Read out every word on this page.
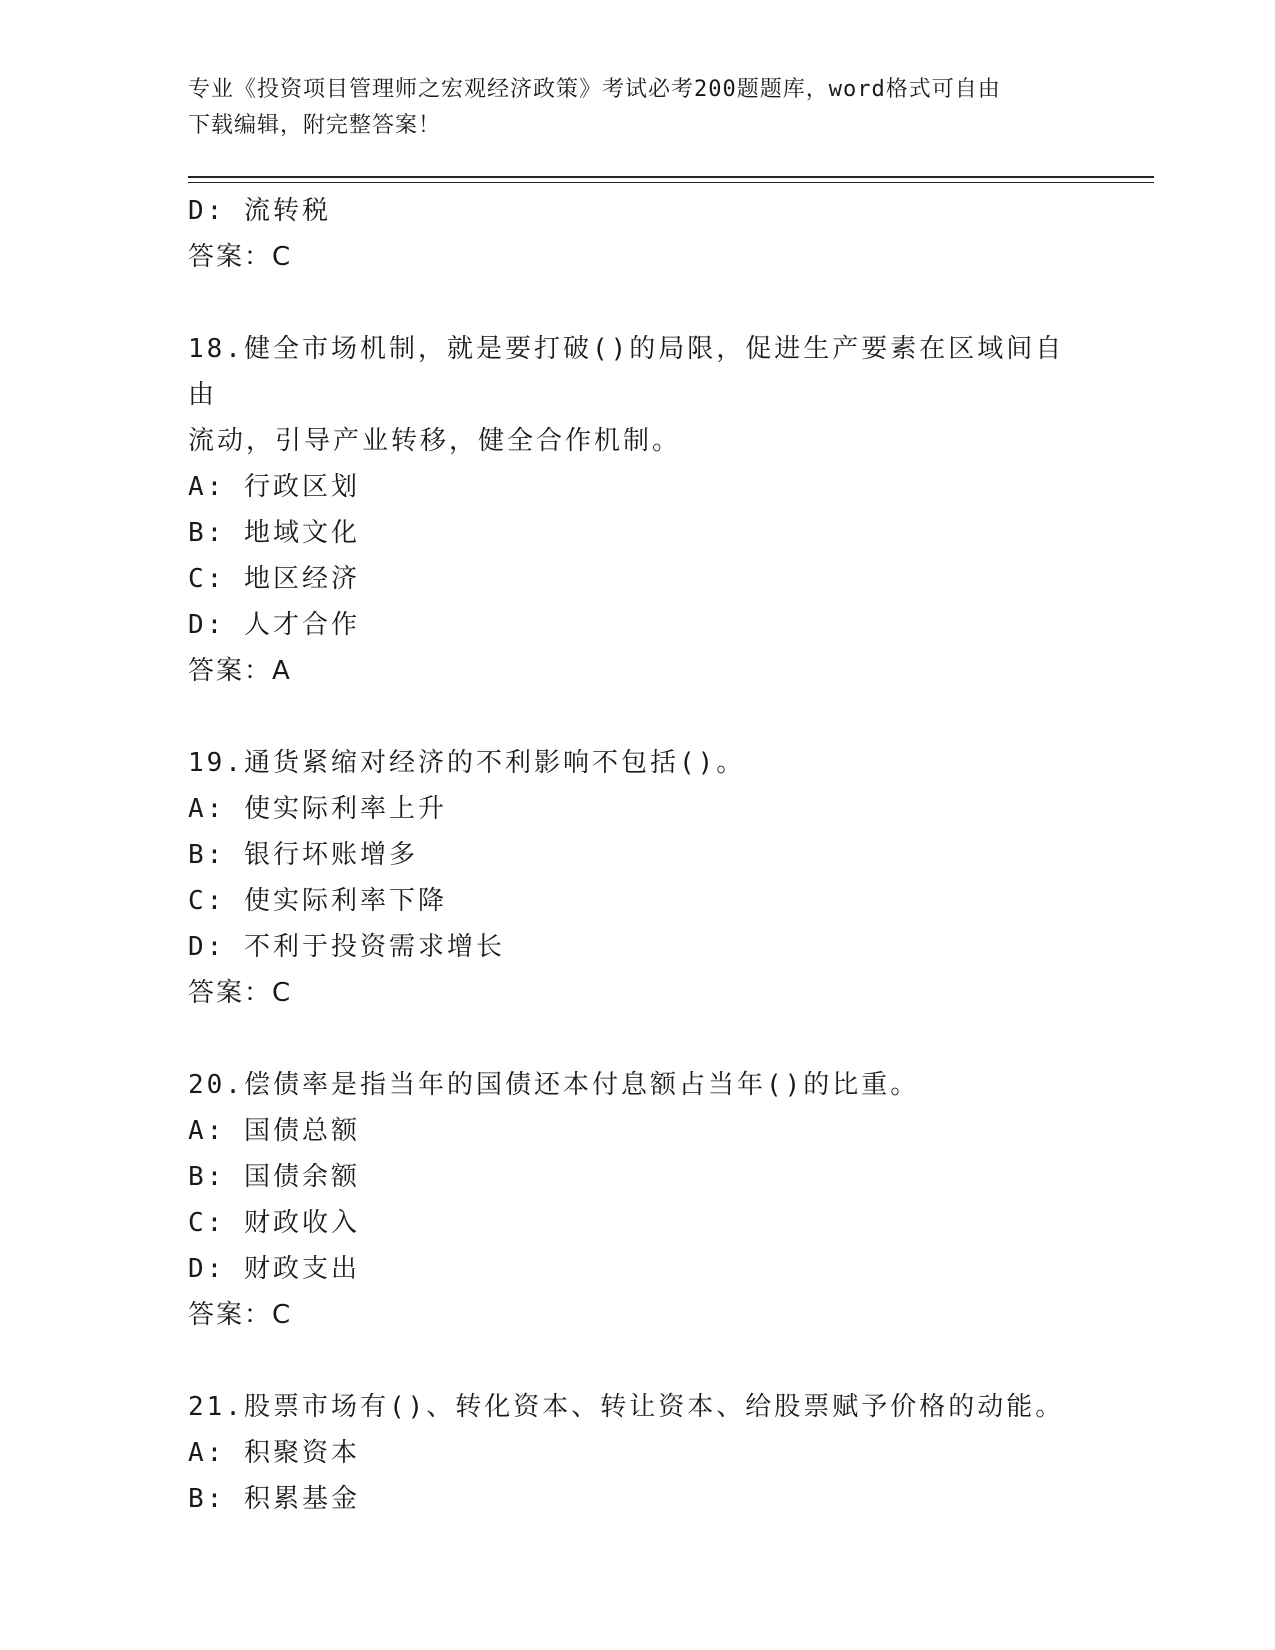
专业《投资项目管理师之宏观经济政策》考试必考200题题库，word格式可自由
下载编辑，附完整答案！
D: 流转税
答案：C
18.健全市场机制，就是要打破()的局限，促进生产要素在区域间自由
流动，引导产业转移，健全合作机制。
A: 行政区划
B: 地域文化
C: 地区经济
D: 人才合作
答案：A
19.通货紧缩对经济的不利影响不包括()。
A: 使实际利率上升
B: 银行坏账增多
C: 使实际利率下降
D: 不利于投资需求增长
答案：C
20.偿债率是指当年的国债还本付息额占当年()的比重。
A: 国债总额
B: 国债余额
C: 财政收入
D: 财政支出
答案：C
21.股票市场有()、转化资本、转让资本、给股票赋予价格的动能。
A: 积聚资本
B: 积累基金
